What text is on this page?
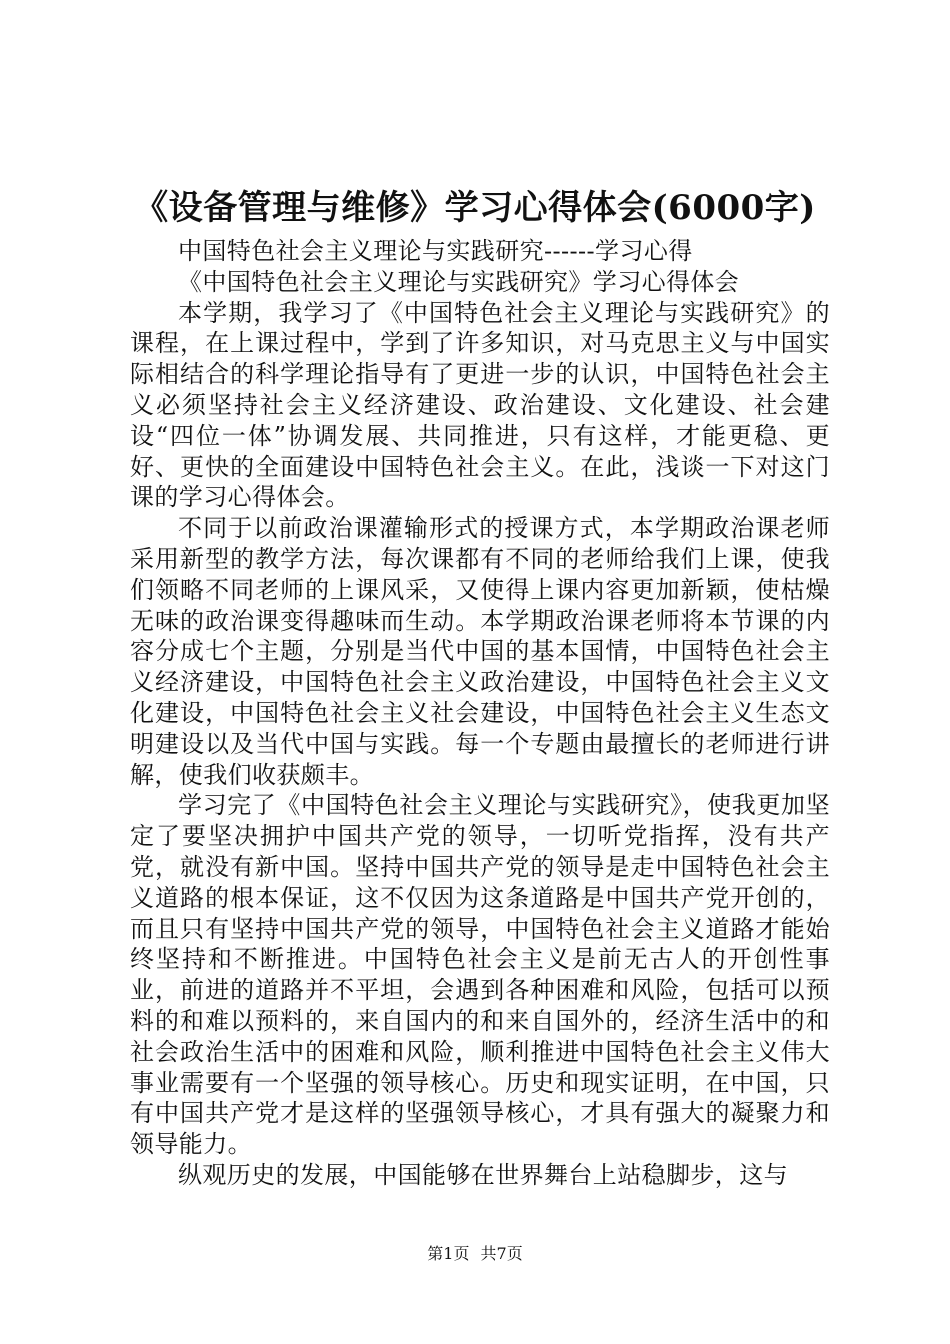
《设备管理与维修》学习心得体会(6000字)

中国特色社会主义理论与实践研究------学习心得

《中国特色社会主义理论与实践研究》学习心得体会

本学期，我学习了《中国特色社会主义理论与实践研究》的课程，在上课过程中，学到了许多知识，对马克思主义与中国实际相结合的科学理论指导有了更进一步的认识，中国特色社会主义必须坚持社会主义经济建设、政治建设、文化建设、社会建设“四位一体”协调发展、共同推进，只有这样，才能更稳、更好、更快的全面建设中国特色社会主义。在此，浅谈一下对这门课的学习心得体会。

不同于以前政治课灌输形式的授课方式，本学期政治课老师采用新型的教学方法，每次课都有不同的老师给我们上课，使我们领略不同老师的上课风采，又使得上课内容更加新颖，使枯燥无味的政治课变得趣味而生动。本学期政治课老师将本节课的内容分成七个主题，分别是当代中国的基本国情，中国特色社会主义经济建设，中国特色社会主义政治建设，中国特色社会主义文化建设，中国特色社会主义社会建设，中国特色社会主义生态文明建设以及当代中国与实践。每一个专题由最擅长的老师进行讲解，使我们收获颇丰。

学习完了《中国特色社会主义理论与实践研究》，使我更加坚定了要坚决拥护中国共产党的领导，一切听党指挥，没有共产党，就没有新中国。坚持中国共产党的领导是走中国特色社会主义道路的根本保证，这不仅因为这条道路是中国共产党开创的，而且只有坚持中国共产党的领导，中国特色社会主义道路才能始终坚持和不断推进。中国特色社会主义是前无古人的开创性事业，前进的道路并不平坦，会遇到各种困难和风险，包括可以预料的和难以预料的，来自国内的和来自国外的，经济生活中的和社会政治生活中的困难和风险，顺利推进中国特色社会主义伟大事业需要有一个坚强的领导核心。历史和现实证明，在中国，只有中国共产党才是这样的坚强领导核心，才具有强大的凝聚力和领导能力。

纵观历史的发展，中国能够在世界舞台上站稳脚步，这与

第1页 共7页
